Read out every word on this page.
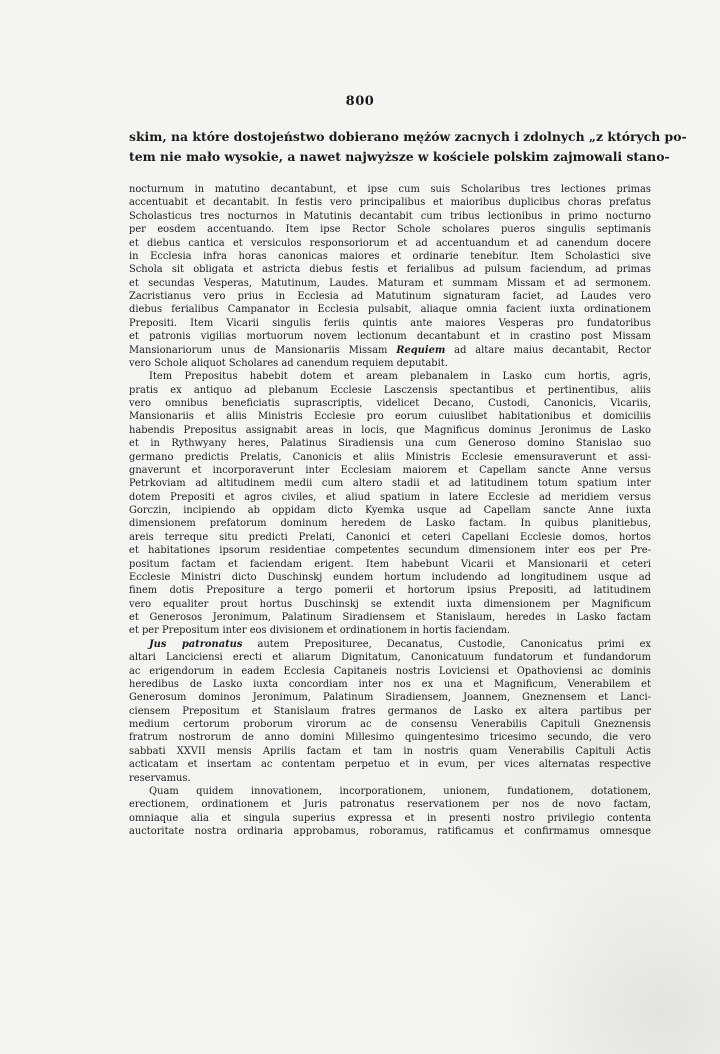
800
skim, na które dostojeństwo dobierano mężów zacnych i zdolnych „z których po-
tem nie mało wysokie, a nawet najwyższe w kościele polskim zajmowali stano-
nocturnum in matutino decantabunt, et ipse cum suis Scholaribus tres lectiones primas
accentuabit et decantabit. In festis vero principalibus et maioribus duplicibus choras prefatus
Scholasticus tres nocturnos in Matutinis decantabit cum tribus lectionibus in primo nocturno
per eosdem accentuando. Item ipse Rector Schole scholares pueros singulis septimanis
et diebus cantica et versiculos responsoriorum et ad accentuandum et ad canendum docere
in Ecclesia infra horas canonicas maiores et ordinarie tenebitur. Item Scholastici sive
Schola sit obligata et astricta diebus festis et ferialibus ad pulsum faciendum, ad primas
et secundas Vesperas, Matutinum, Laudes. Maturam et summam Missam et ad sermonem.
Zacristianus vero prius in Ecclesia ad Matutinum signaturam faciet, ad Laudes vero
diebus ferialibus Campanator in Ecclesia pulsabit, aliaque omnia facient iuxta ordinationem
Prepositi. Item Vicarii singulis feriis quintis ante maiores Vesperas pro fundatoribus
et patronis vigilias mortuorum novem lectionum decantabunt et in crastino post Missam
Mansionariorum unus de Mansionariis Missam Requiem ad altare maius decantabit, Rector
vero Schole aliquot Scholares ad canendum requiem deputabit.
Item Prepositus habebit dotem et aream plebanalem in Lasko cum hortis, agris,
pratis ex antiquo ad plebanum Ecclesie Lasczensis spectantibus et pertinentibus, aliis
vero omnibus beneficiatis suprascriptis, videlicet Decano, Custodi, Canonicis, Vicariis,
Mansionariis et aliis Ministris Ecclesie pro eorum cuiuslibet habitationibus et domiciliis
habendis Prepositus assignabit areas in locis, que Magnificus dominus Jeronimus de Lasko
et in Rythwyany heres, Palatinus Siradiensis una cum Generoso domino Stanislao suo
germano predictis Prelatis, Canonicis et aliis Ministris Ecclesie emensuraverunt et assi-
gnaverunt et incorporaverunt inter Ecclesiam maiorem et Capellam sancte Anne versus
Petrkoviam ad altitudinem medii cum altero stadii et ad latitudinem totum spatium inter
dotem Prepositi et agros civiles, et aliud spatium in latere Ecclesie ad meridiem versus
Gorczin, incipiendo ab oppidam dicto Kyemka usque ad Capellam sancte Anne iuxta
dimensionem prefatorum dominum heredem de Lasko factam. In quibus planitiebus,
areis terreque situ predicti Prelati, Canonici et ceteri Capellani Ecclesie domos, hortos
et habitationes ipsorum residentiae competentes secundum dimensionem inter eos per Pre-
positum factam et faciendam erigent. Item habebunt Vicarii et Mansionarii et ceteri
Ecclesie Ministri dicto Duschinskj eundem hortum includendo ad longitudinem usque ad
finem dotis Prepositure a tergo pomerii et hortorum ipsius Prepositi, ad latitudinem
vero equaliter prout hortus Duschinskj se extendit iuxta dimensionem per Magnificum
et Generosos Jeronimum, Palatinum Siradiensem et Stanislaum, heredes in Lasko factam
et per Prepositum inter eos divisionem et ordinationem in hortis faciendam.
Jus patronatus autem Preposituree, Decanatus, Custodie, Canonicatus primi ex
altari Lanciciensi erecti et aliarum Dignitatum, Canonicatuum fundatorum et fundandorum
ac erigendorum in eadem Ecclesia Capitaneis nostris Loviciensi et Opathoviensi ac dominis
heredibus de Lasko iuxta concordiam inter nos ex una et Magnificum, Venerabilem et
Generosum dominos Jeronimum, Palatinum Siradiensem, Joannem, Gneznensem et Lanci-
ciensem Prepositum et Stanislaum fratres germanos de Lasko ex altera partibus per
medium certorum proborum virorum ac de consensu Venerabilis Capituli Gneznensis
fratrum nostrorum de anno domini Millesimo quingentesimo tricesimo secundo, die vero
sabbati XXVII mensis Aprilis factam et tam in nostris quam Venerabilis Capituli Actis
acticatam et insertam ac contentam perpetuo et in evum, per vices alternatas respective
reservamus.
Quam quidem innovationem, incorporationem, unionem, fundationem, dotationem,
erectionem, ordinationem et Juris patronatus reservationem per nos de novo factam,
omniaque alia et singula superius expressa et in presenti nostro privilegio contenta
auctoritate nostra ordinaria approbamus, roboramus, ratificamus et confirmamus omnesque
